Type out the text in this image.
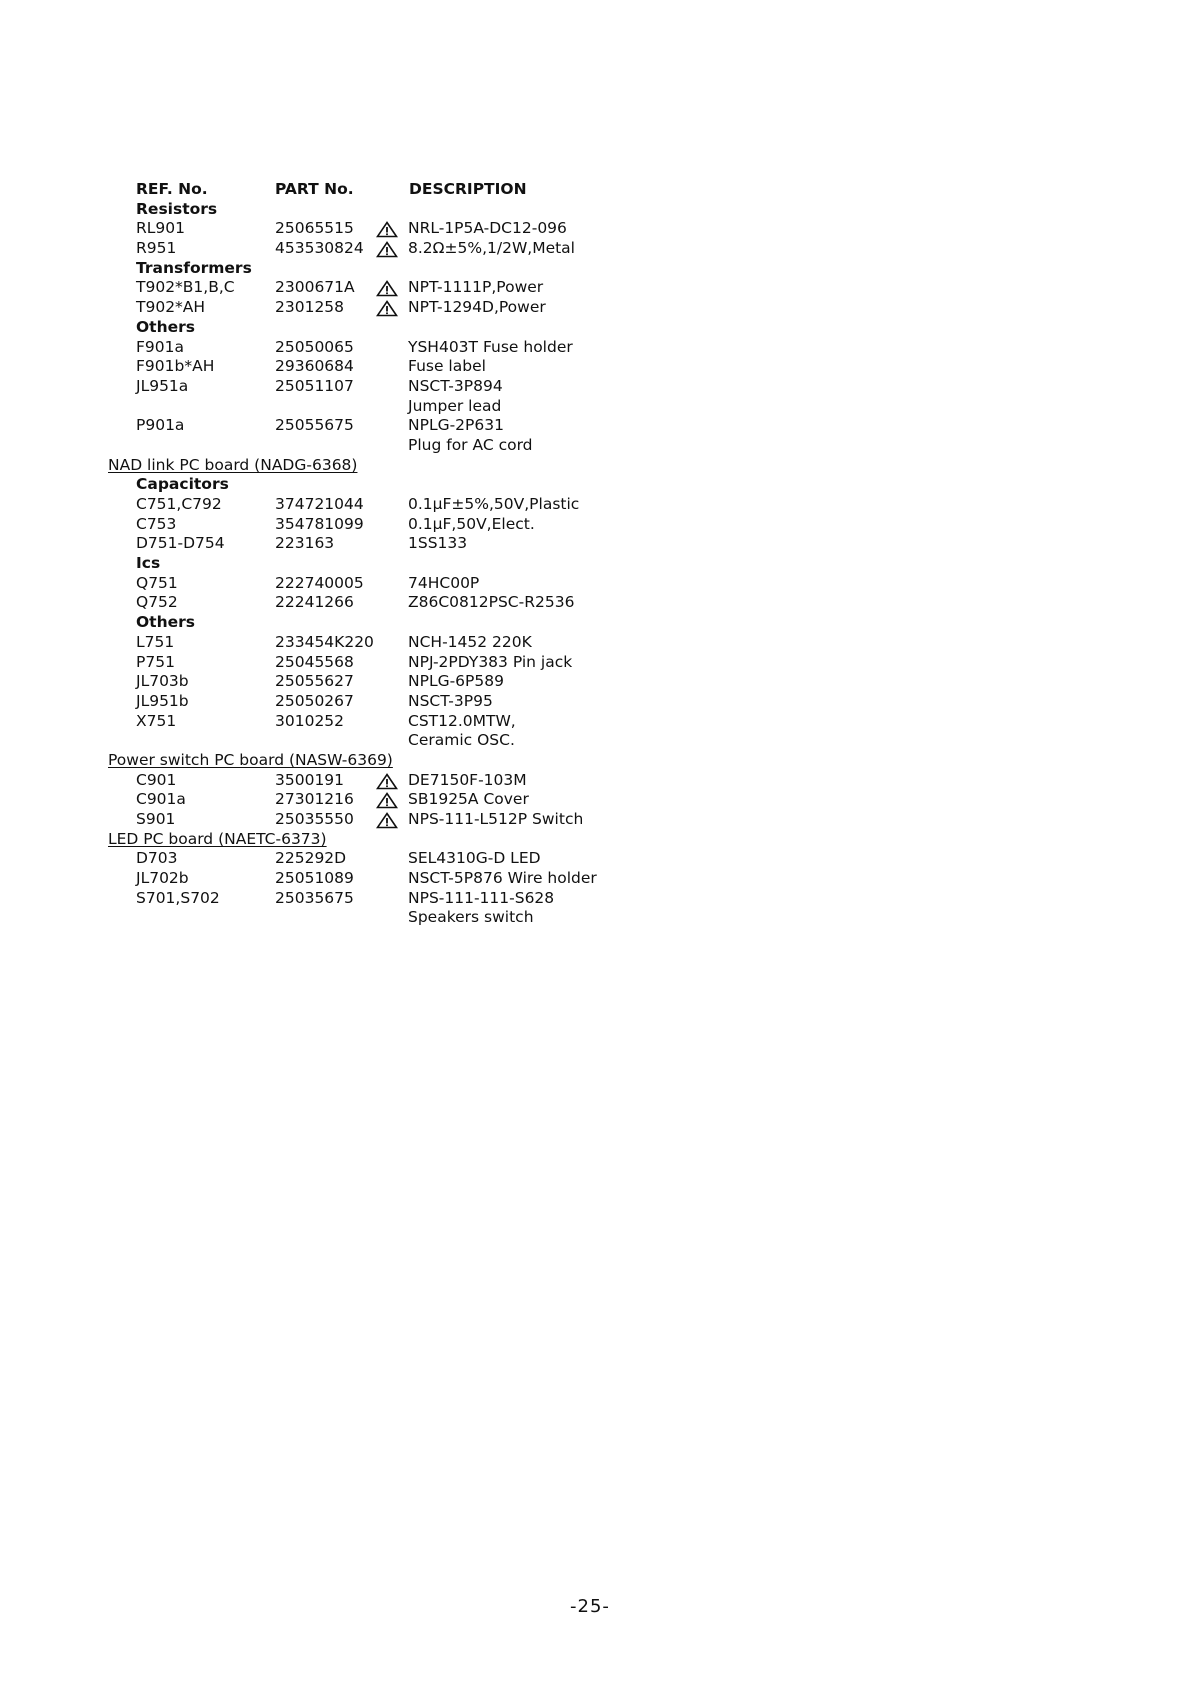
REF. No.	PART No.	DESCRIPTION
Resistors
RL901	25065515	NRL-1P5A-DC12-096
R951	453530824	8.2Ω±5%,1/2W,Metal
Transformers
T902*B1,B,C	2300671A	NPT-1111P,Power
T902*AH	2301258	NPT-1294D,Power
Others
F901a	25050065	YSH403T Fuse holder
F901b*AH	29360684	Fuse label
JL951a	25051107	NSCT-3P894
Jumper lead
P901a	25055675	NPLG-2P631
Plug for AC cord
NAD link PC board (NADG-6368)
Capacitors
C751,C792	374721044	0.1μF±5%,50V,Plastic
C753	354781099	0.1μF,50V,Elect.
D751-D754	223163	1SS133
Ics
Q751	222740005	74HC00P
Q752	22241266	Z86C0812PSC-R2536
Others
L751	233454K220 NCH-1452 220K
P751	25045568	NPJ-2PDY383 Pin jack
JL703b	25055627	NPLG-6P589
JL951b	25050267	NSCT-3P95
X751	3010252	CST12.0MTW,
Ceramic OSC.
Power switch PC board (NASW-6369)
C901	3500191	DE7150F-103M
C901a	27301216	SB1925A Cover
S901	25035550	NPS-111-L512P Switch
LED PC board (NAETC-6373)
D703	225292D	SEL4310G-D LED
JL702b	25051089	NSCT-5P876 Wire holder
S701,S702	25035675	NPS-111-111-S628
Speakers switch
-25-
